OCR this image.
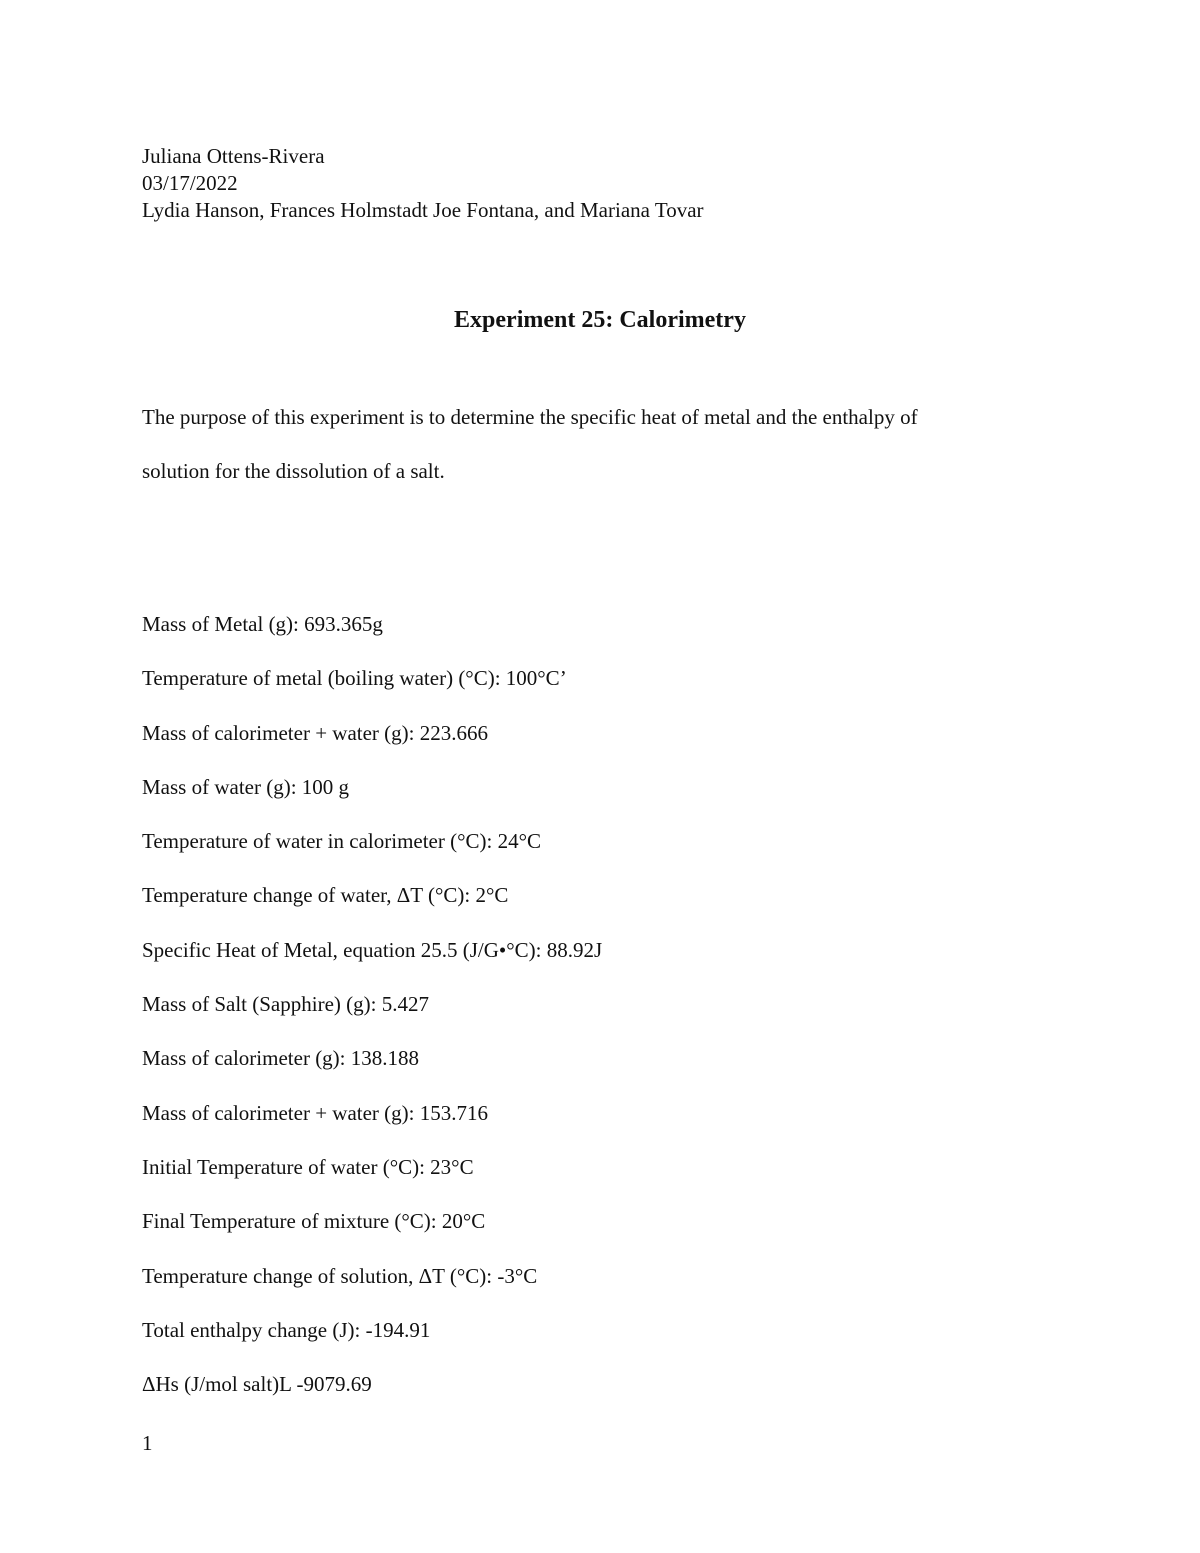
Juliana Ottens-Rivera
03/17/2022
Lydia Hanson, Frances Holmstadt Joe Fontana, and Mariana Tovar
Experiment 25: Calorimetry
The purpose of this experiment is to determine the specific heat of metal and the enthalpy of
solution for the dissolution of a salt.
Mass of Metal (g): 693.365g
Temperature of metal (boiling water) (°C): 100°C’
Mass of calorimeter + water (g): 223.666
Mass of water (g): 100 g
Temperature of water in calorimeter (°C): 24°C
Temperature change of water, ΔT (°C): 2°C
Specific Heat of Metal, equation 25.5 (J/G•°C): 88.92J
Mass of Salt (Sapphire) (g): 5.427
Mass of calorimeter (g): 138.188
Mass of calorimeter + water (g): 153.716
Initial Temperature of water (°C): 23°C
Final Temperature of mixture (°C): 20°C
Temperature change of solution, ΔT (°C): -3°C
Total enthalpy change (J): -194.91
ΔHs (J/mol salt)L -9079.69
1
